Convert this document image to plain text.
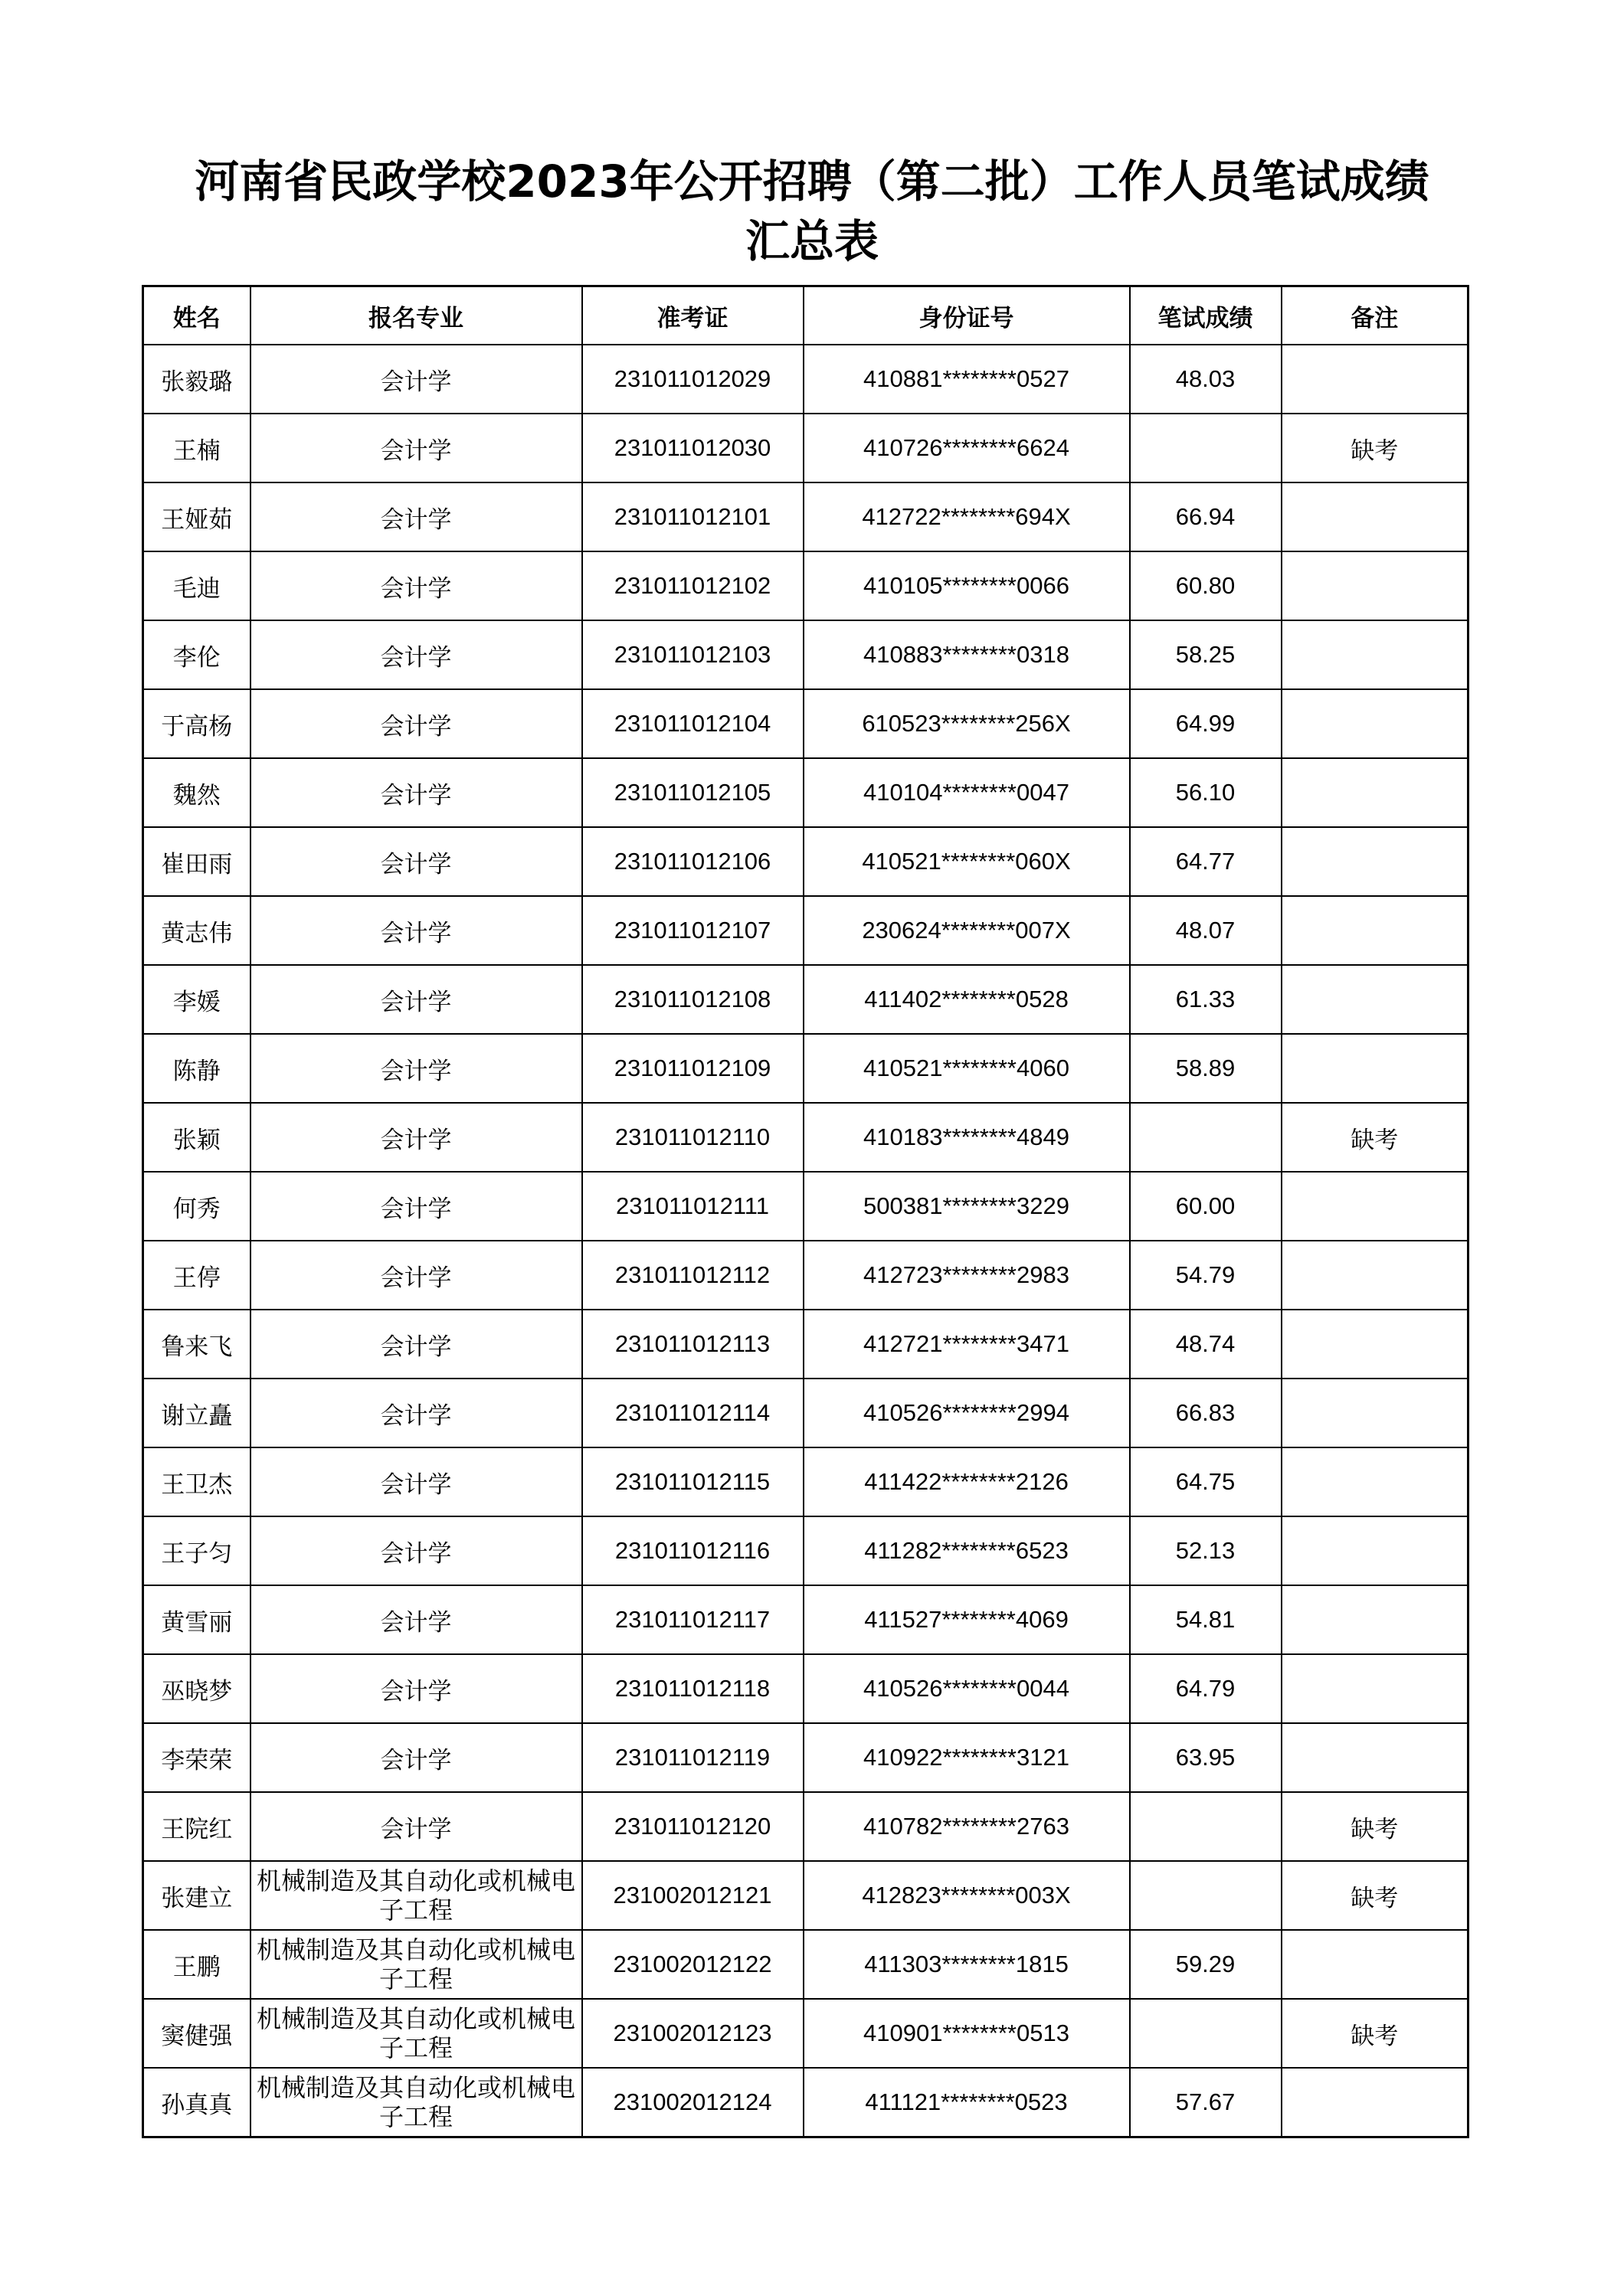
河南省民政学校2023年公开招聘（第二批）工作人员笔试成绩
汇总表
姓名	报名专业	准考证	身份证号	笔试成绩	备注
张毅璐	会计学	231011012029	410881********0527	48.03	
王楠	会计学	231011012030	410726********6624		缺考
王娅茹	会计学	231011012101	412722********694X	66.94	
毛迪	会计学	231011012102	410105********0066	60.80	
李伦	会计学	231011012103	410883********0318	58.25	
于高杨	会计学	231011012104	610523********256X	64.99	
魏然	会计学	231011012105	410104********0047	56.10	
崔田雨	会计学	231011012106	410521********060X	64.77	
黄志伟	会计学	231011012107	230624********007X	48.07	
李媛	会计学	231011012108	411402********0528	61.33	
陈静	会计学	231011012109	410521********4060	58.89	
张颖	会计学	231011012110	410183********4849		缺考
何秀	会计学	231011012111	500381********3229	60.00	
王停	会计学	231011012112	412723********2983	54.79	
鲁来飞	会计学	231011012113	412721********3471	48.74	
谢立矗	会计学	231011012114	410526********2994	66.83	
王卫杰	会计学	231011012115	411422********2126	64.75	
王子匀	会计学	231011012116	411282********6523	52.13	
黄雪丽	会计学	231011012117	411527********4069	54.81	
巫晓梦	会计学	231011012118	410526********0044	64.79	
李荣荣	会计学	231011012119	410922********3121	63.95	
王院红	会计学	231011012120	410782********2763		缺考
张建立	机械制造及其自动化或机械电子工程	231002012121	412823********003X		缺考
王鹏	机械制造及其自动化或机械电子工程	231002012122	411303********1815	59.29	
窦健强	机械制造及其自动化或机械电子工程	231002012123	410901********0513		缺考
孙真真	机械制造及其自动化或机械电子工程	231002012124	411121********0523	57.67	
